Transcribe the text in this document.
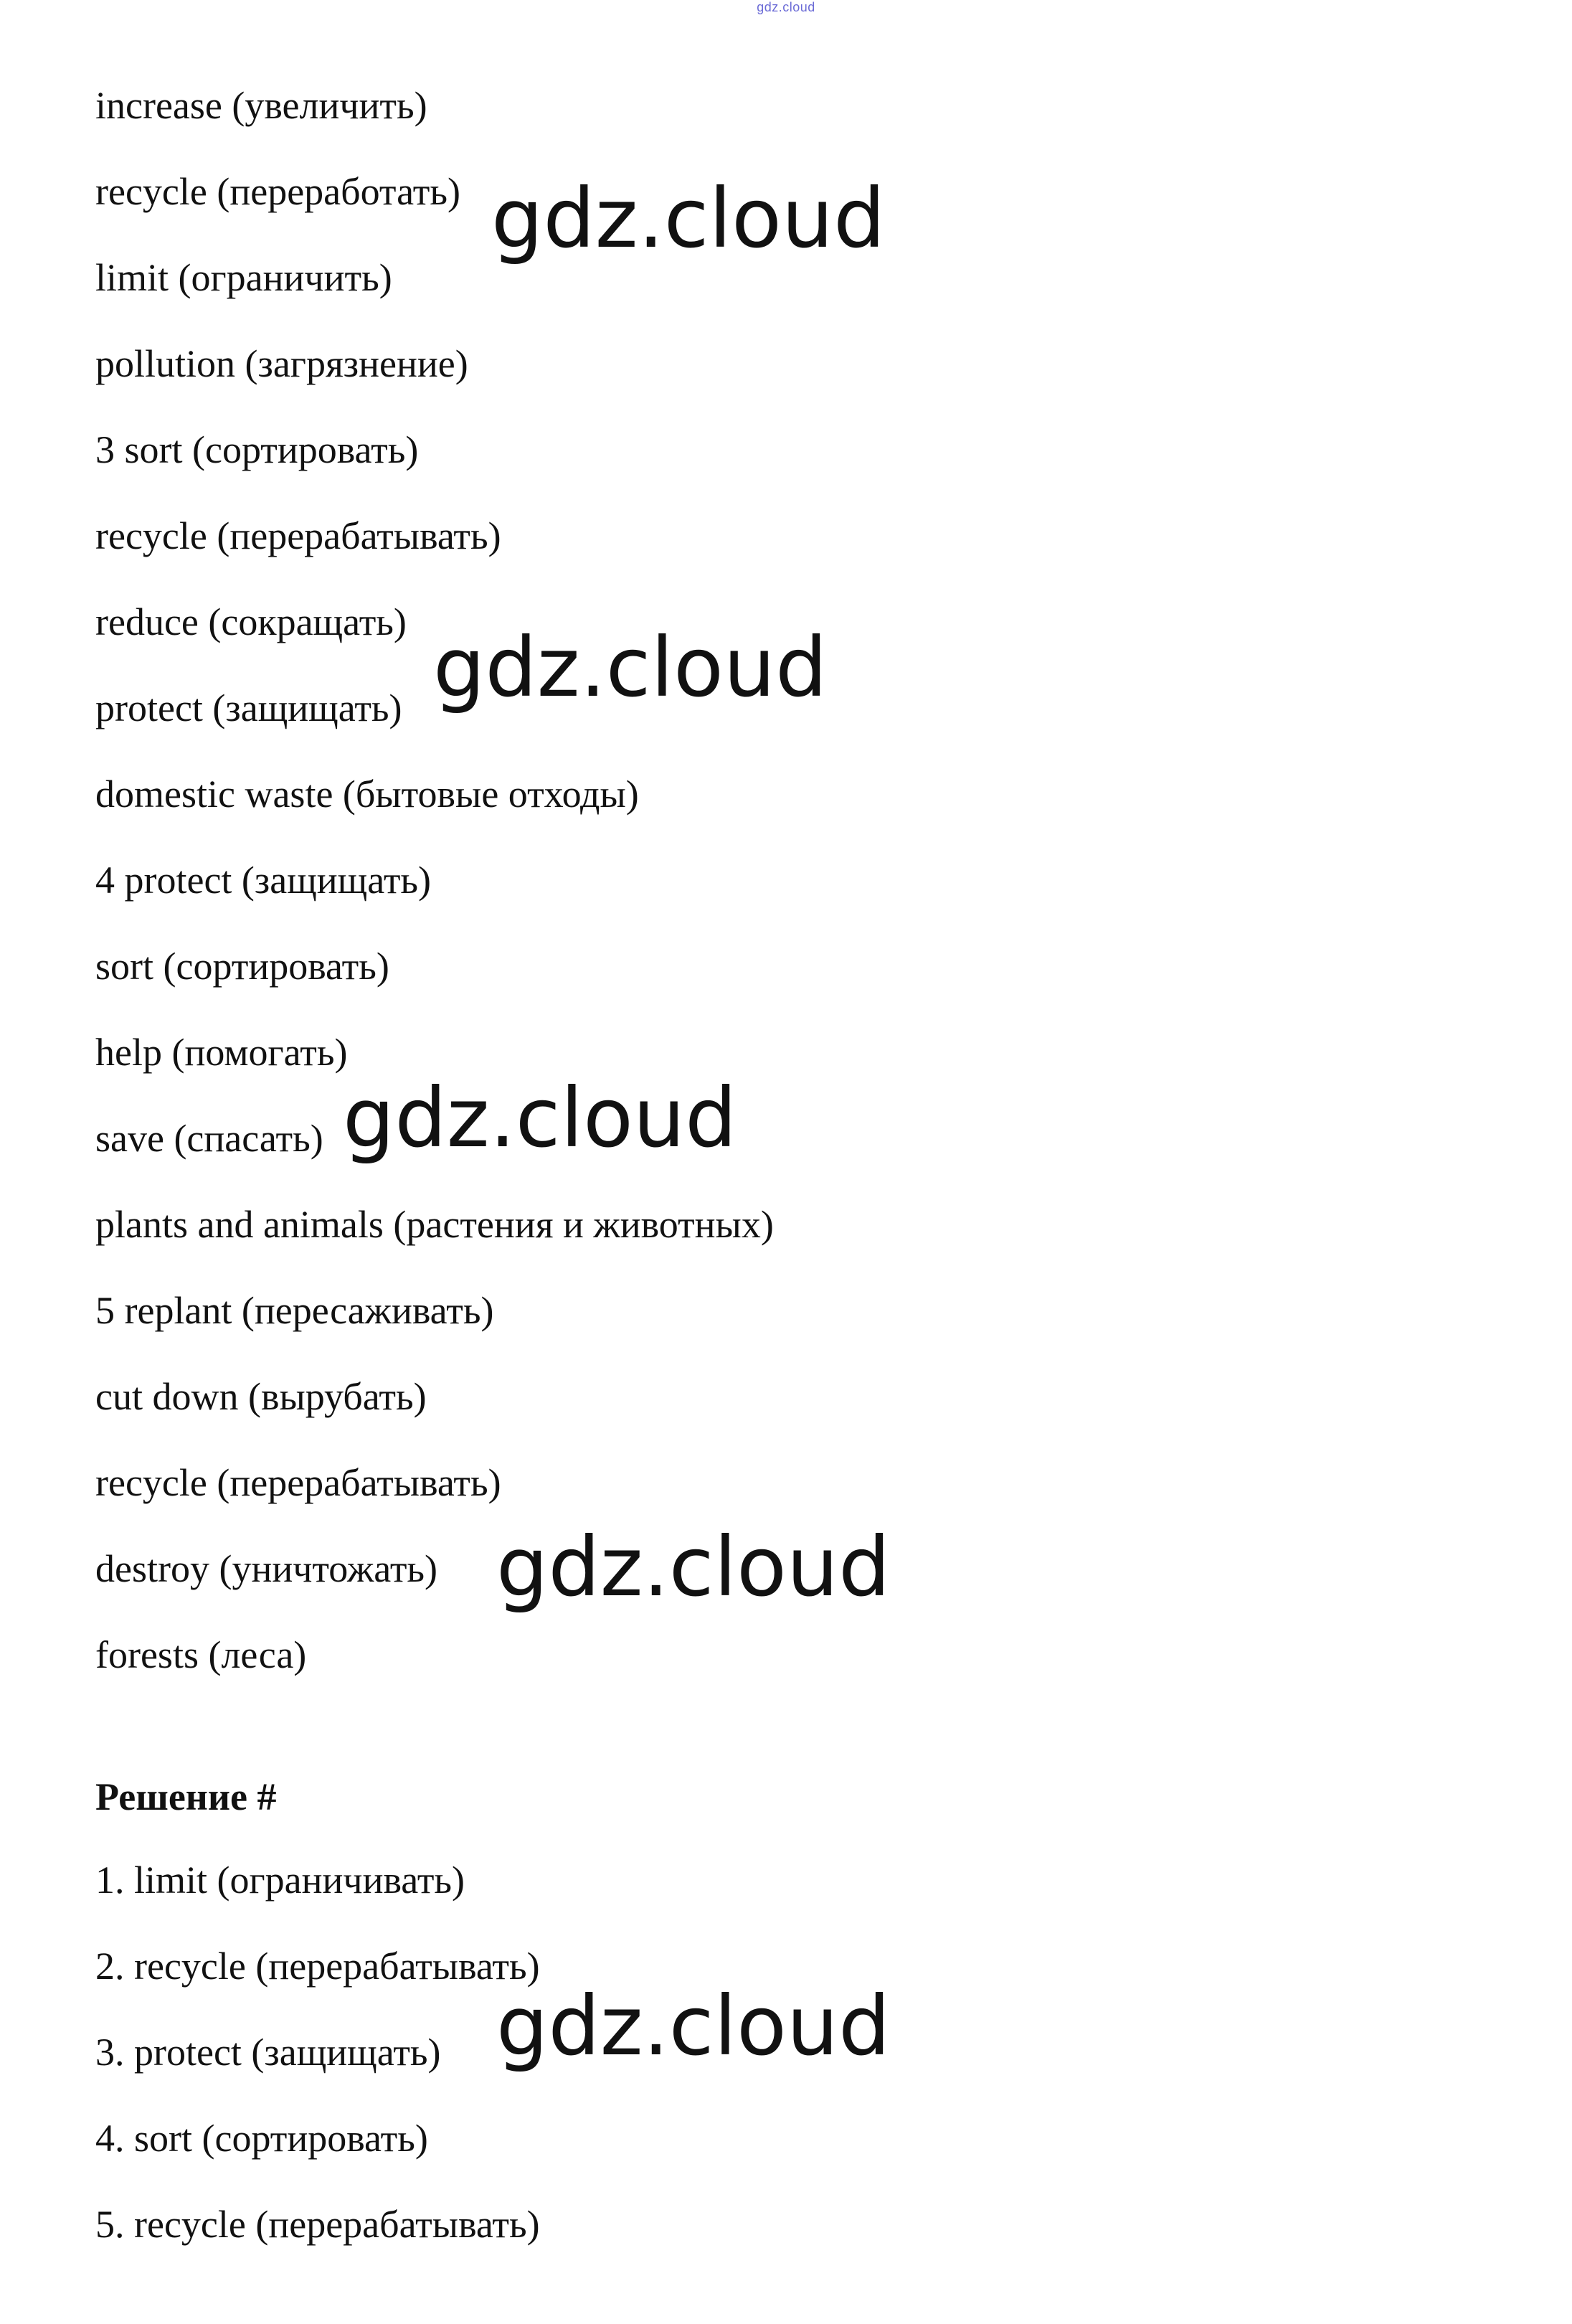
gdz.cloud
increase (увеличить)
recycle (переработать)
limit (ограничить)
pollution (загрязнение)
3 sort (сортировать)
recycle (перерабатывать)
reduce (сокращать)
protect (защищать)
domestic waste (бытовые отходы)
4 protect (защищать)
sort (сортировать)
help (помогать)
save (спасать)
plants and animals (растения и животных)
5 replant (пересаживать)
cut down (вырубать)
recycle (перерабатывать)
destroy (уничтожать)
forests (леса)
Решение #
1. limit (ограничивать)
2. recycle (перерабатывать)
3. protect (защищать)
4. sort (сортировать)
5. recycle (перерабатывать)
gdz.cloud
gdz.cloud
gdz.cloud
gdz.cloud
gdz.cloud
